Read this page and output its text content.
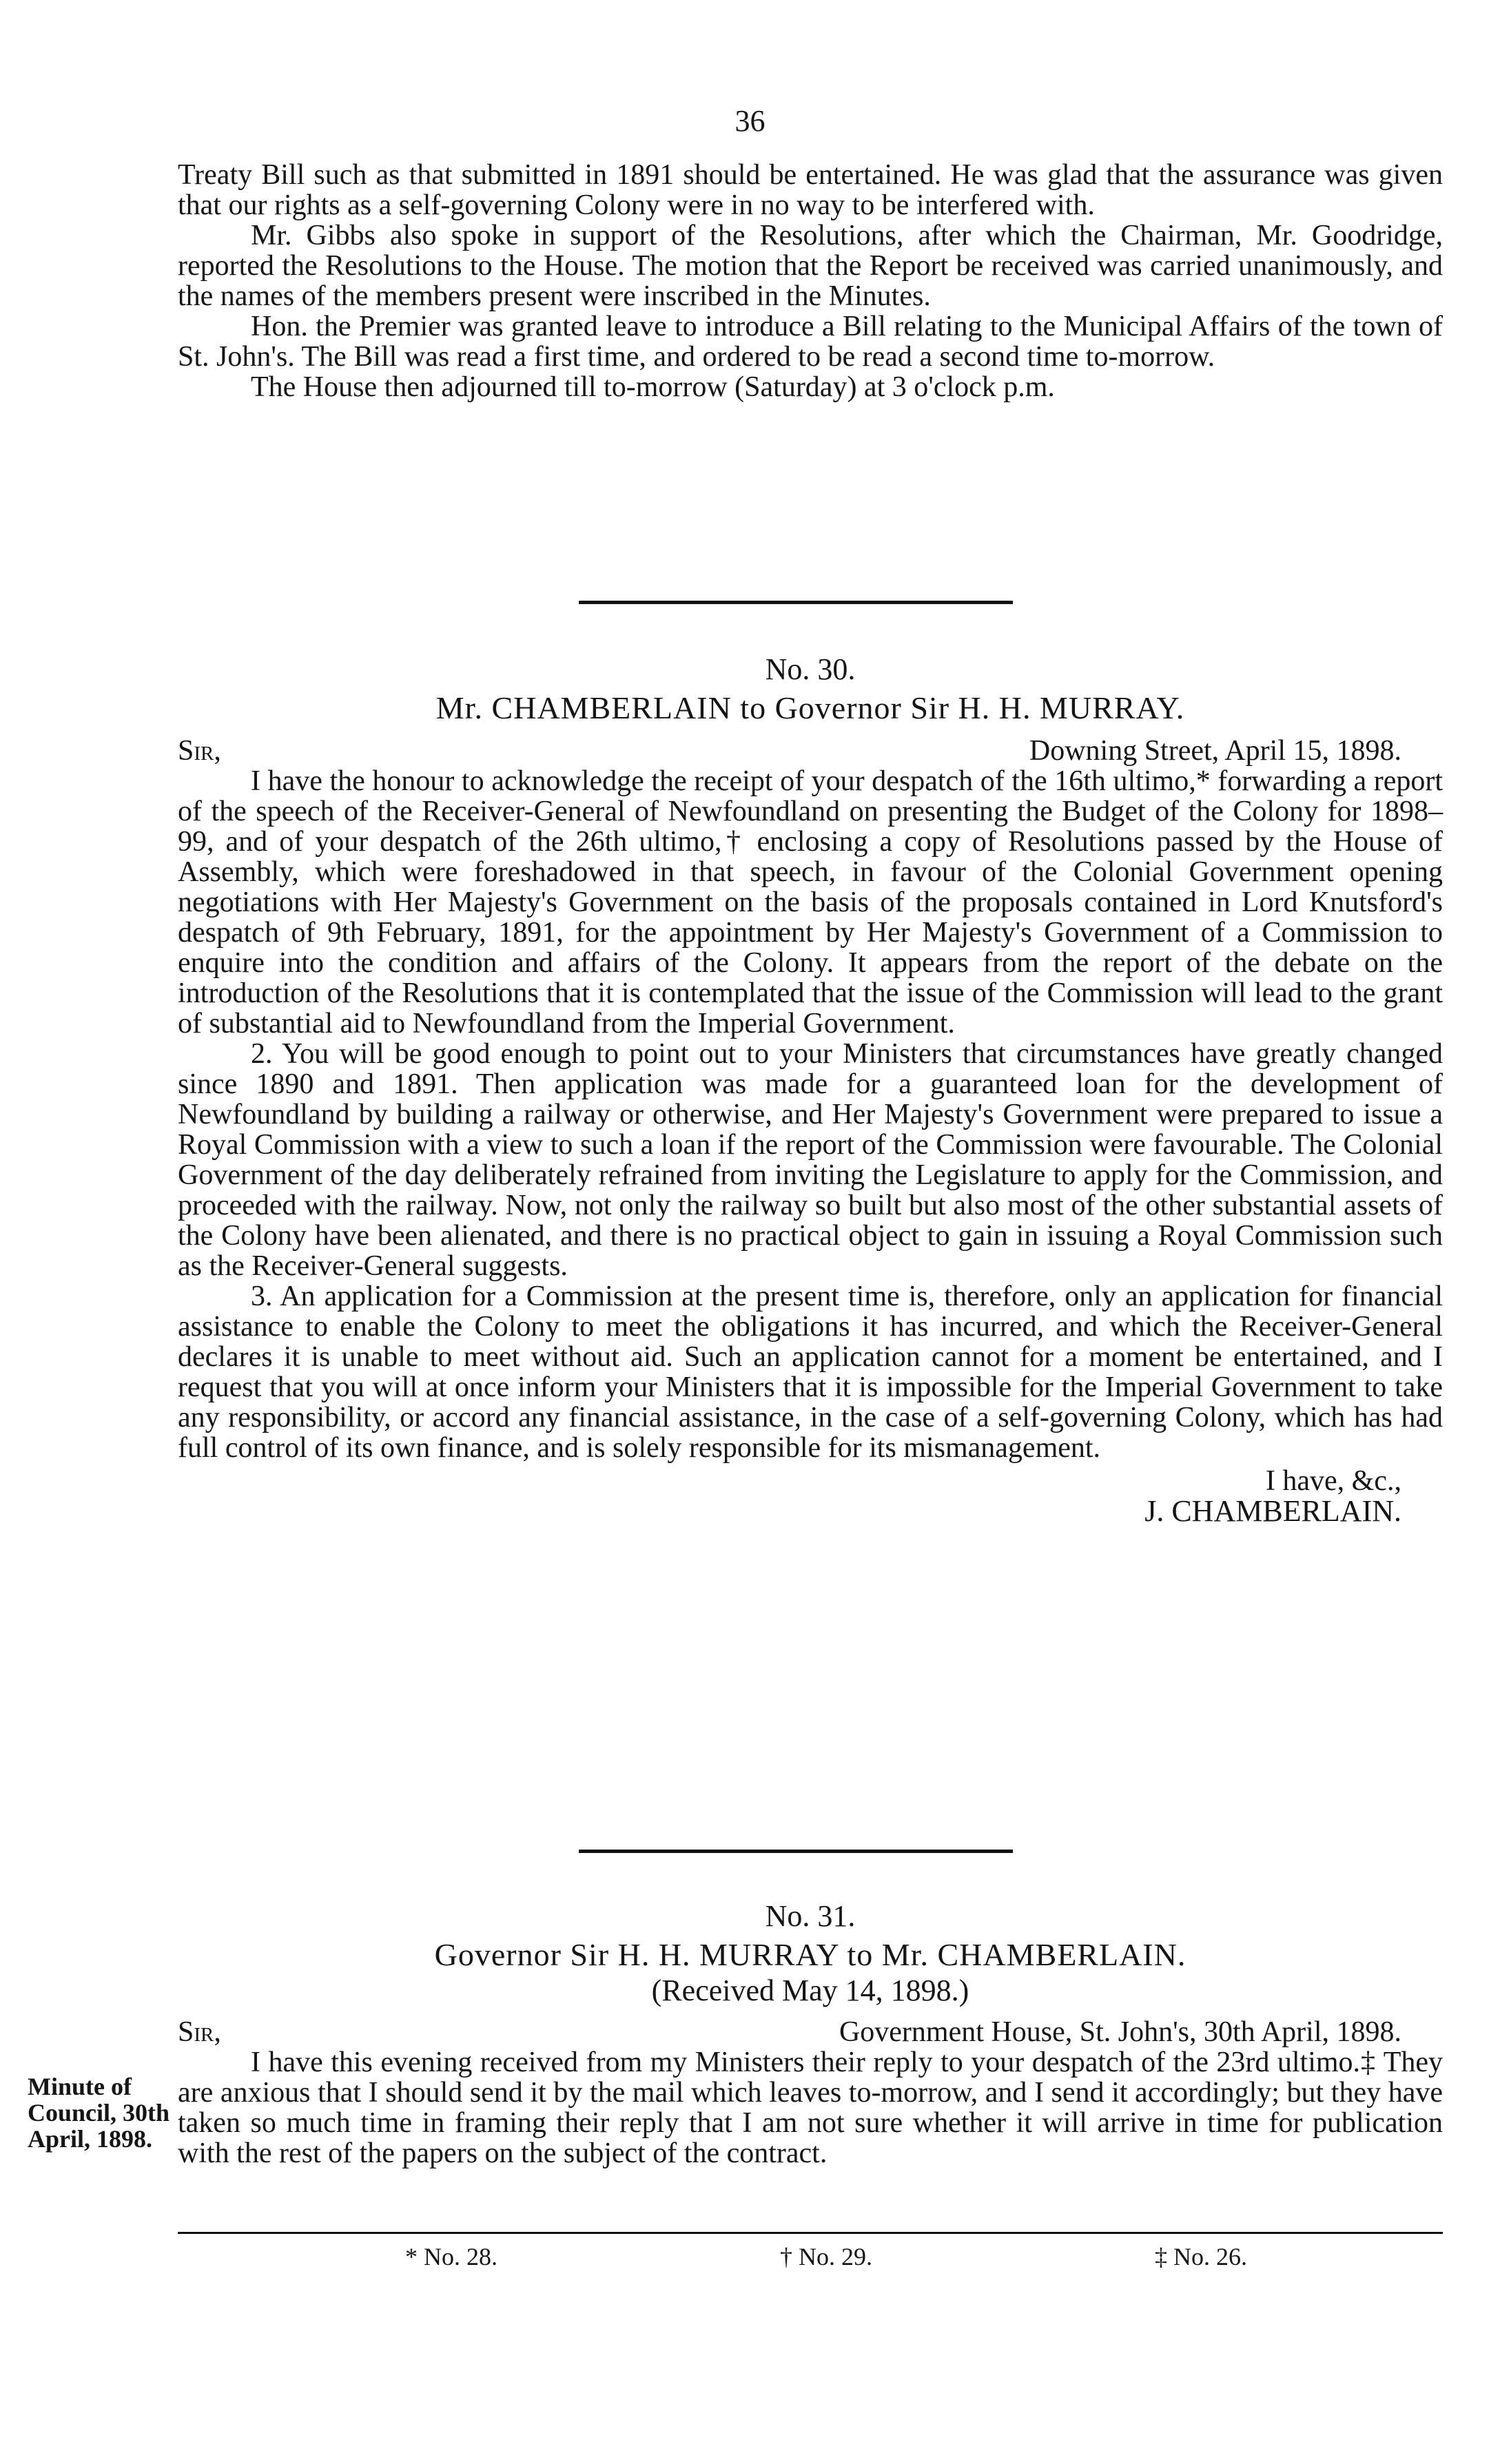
36

Treaty Bill such as that submitted in 1891 should be entertained. He was glad that the assurance was given that our rights as a self-governing Colony were in no way to be interfered with.

Mr. Gibbs also spoke in support of the Resolutions, after which the Chairman, Mr. Goodridge, reported the Resolutions to the House. The motion that the Report be received was carried unanimously, and the names of the members present were inscribed in the Minutes.

Hon. the Premier was granted leave to introduce a Bill relating to the Municipal Affairs of the town of St. John's. The Bill was read a first time, and ordered to be read a second time to-morrow.

The House then adjourned till to-morrow (Saturday) at 3 o'clock p.m.

No. 30.

Mr. CHAMBERLAIN to Governor Sir H. H. MURRAY.

Sir,	Downing Street, April 15, 1898.

I have the honour to acknowledge the receipt of your despatch of the 16th ultimo,* forwarding a report of the speech of the Receiver-General of Newfoundland on presenting the Budget of the Colony for 1898–99, and of your despatch of the 26th ultimo,† enclosing a copy of Resolutions passed by the House of Assembly, which were foreshadowed in that speech, in favour of the Colonial Government opening negotiations with Her Majesty's Government on the basis of the proposals contained in Lord Knutsford's despatch of 9th February, 1891, for the appointment by Her Majesty's Government of a Commission to enquire into the condition and affairs of the Colony. It appears from the report of the debate on the introduction of the Resolutions that it is contemplated that the issue of the Commission will lead to the grant of substantial aid to Newfoundland from the Imperial Government.

2. You will be good enough to point out to your Ministers that circumstances have greatly changed since 1890 and 1891. Then application was made for a guaranteed loan for the development of Newfoundland by building a railway or otherwise, and Her Majesty's Government were prepared to issue a Royal Commission with a view to such a loan if the report of the Commission were favourable. The Colonial Government of the day deliberately refrained from inviting the Legislature to apply for the Commission, and proceeded with the railway. Now, not only the railway so built but also most of the other substantial assets of the Colony have been alienated, and there is no practical object to gain in issuing a Royal Commission such as the Receiver-General suggests.

3. An application for a Commission at the present time is, therefore, only an application for financial assistance to enable the Colony to meet the obligations it has incurred, and which the Receiver-General declares it is unable to meet without aid. Such an application cannot for a moment be entertained, and I request that you will at once inform your Ministers that it is impossible for the Imperial Government to take any responsibility, or accord any financial assistance, in the case of a self-governing Colony, which has had full control of its own finance, and is solely responsible for its mismanagement.

I have, &c.,

J. CHAMBERLAIN.

No. 31.

Governor Sir H. H. MURRAY to Mr. CHAMBERLAIN.

(Received May 14, 1898.)

Sir,	Government House, St. John's, 30th April, 1898.

I have this evening received from my Ministers their reply to your despatch of the 23rd ultimo.‡ They are anxious that I should send it by the mail which leaves to-morrow, and I send it accordingly; but they have taken so much time in framing their reply that I am not sure whether it will arrive in time for publication with the rest of the papers on the subject of the contract.

Minute of Council, 30th April, 1898.
* No. 28.	† No. 29.	‡ No. 26.
